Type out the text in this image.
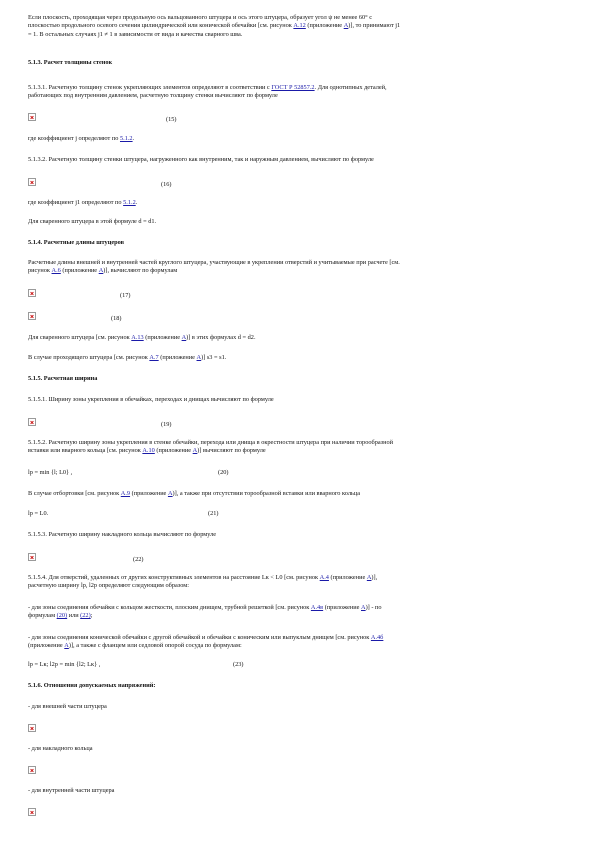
Если плоскость, проходящая через продольную ось вальцованного штуцера и ось этого штуцера, образует угол ψ не менее 60° с
плоскостью продольного осевого сечения цилиндрической или конической обечайки [см. рисунок А.12 (приложение А)], то принимают j1
= 1. В остальных случаях j1 ≠ 1 в зависимости от вида и качества сварного шва.

5.1.3. Расчет толщины стенок

5.1.3.1. Расчетную толщину стенок укрепляющих элементов определяют в соответствии с ГОСТ Р 52857.2. Для однотипных деталей,
работающих под внутренним давлением, расчетную толщину стенки вычисляют по формуле

(15)

где коэффициент j определяют по 5.1.2.

5.1.3.2. Расчетную толщину стенки штуцера, нагруженного как внутренним, так и наружным давлением, вычисляют по формуле

(16)

где коэффициент j1 определяют по 5.1.2.

Для сваренного штуцера в этой формуле d = d1.

5.1.4. Расчетные длины штуцеров

Расчетные длины внешней и внутренней частей круглого штуцера, участвующие в укреплении отверстий и учитываемые при расчете [см.
рисунок А.6 (приложение А)], вычисляют по формулам

(17)
(18)

Для сваренного штуцера [см. рисунок А.13 (приложение А)] в этих формулах d = d2.

В случае проходящего штуцера [см. рисунок А.7 (приложение А)] s3 = s1.

5.1.5. Расчетная ширина

5.1.5.1. Ширину зоны укрепления в обечайках, переходах и днищах вычисляют по формуле

(19)

5.1.5.2. Расчетную ширину зоны укрепления в стенке обечайки, перехода или днища в окрестности штуцера при наличии торообразной
вставки или вварного кольца [см. рисунок А.10 (приложение А)] вычисляют по формуле

lp = min {l; L0} ,	(20)

В случае отбортовки [см. рисунок А.9 (приложение А)], а также при отсутствии торообразной вставки или вварного кольца

lp = L0.	(21)

5.1.5.3. Расчетную ширину накладного кольца вычисляют по формуле

(22)

5.1.5.4. Для отверстий, удаленных от других конструктивных элементов на расстояние Lк < L0 [см. рисунок А.4 (приложение А)],
расчетную ширину lp, l2p определяют следующим образом:

- для зоны соединения обечайки с кольцом жесткости, плоским днищем, трубной решеткой [см. рисунок А.4в (приложение А)] - по
формулам (20) или (22);

- для зоны соединения конической обечайки с другой обечайкой и обечайки с коническим или выпуклым днищем [см. рисунок А.4б
(приложение А)], а также с фланцем или седловой опорой сосуда по формулам:

lp = Lк; l2p = min {l2; Lк} ,	(23)

5.1.6. Отношения допускаемых напряжений:

- для внешней части штуцера

- для накладного кольца

- для внутренней части штуцера
